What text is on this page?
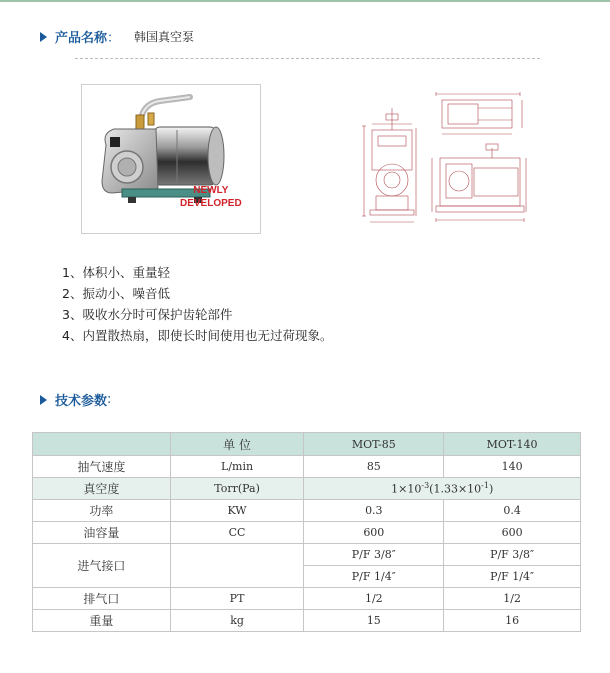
产品名称 ： 韩国真空泵
NEWLY
DEVELOPED
1、体积小、重量轻
2、振动小、噪音低
3、吸收水分时可保护齿轮部件
4、内置散热扇，即使长时间使用也无过荷现象。
技术参数 :
	单 位	MOT-85	MOT-140
抽气速度	L/min	85	140
真空度	Torr(Pa)	$1\times 10^{-3}(1.33\times 10^{-1})$	
功率	KW	0.3	0.4
油容量	CC	600	600
进气接口		P/F 3/8″	P/F 3/8″
		P/F 1/4″	P/F 1/4″
排气口	PT	1/2	1/2
重量	kg	15	16
